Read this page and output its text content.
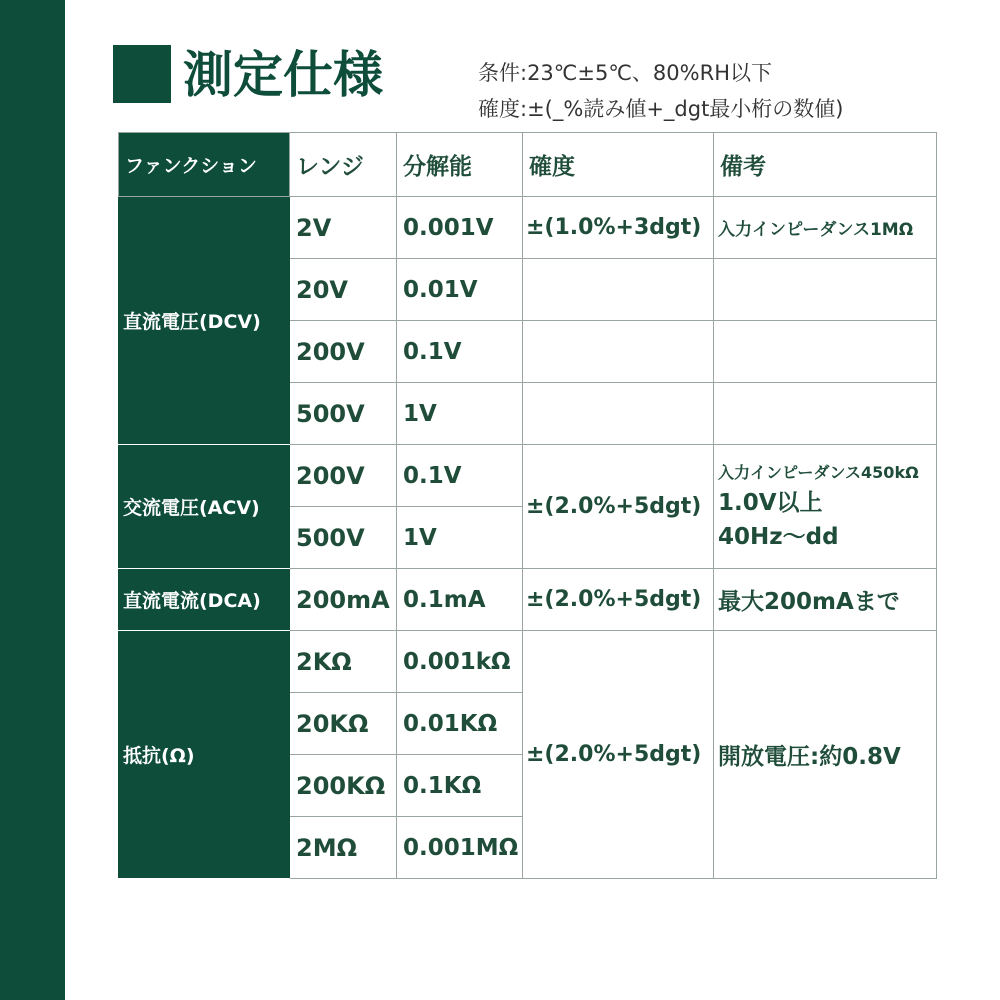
測定仕様	条件:23℃±5℃、80%RH以下
確度:±(_%読み値+_dgt最小桁の数値)
ファンクション	レンジ	分解能	確度	備考
直流電圧(DCV)	2V	0.001V	±(1.0%+3dgt)	入力インピーダンス1MΩ
	20V	0.01V		
	200V	0.1V		
	500V	1V		
交流電圧(ACV)	200V	0.1V	±(2.0%+5dgt)	入力インピーダンス450kΩ
1.0V以上
40Hz～dd

	500V	1V		
直流電流(DCA)	200mA	0.1mA	±(2.0%+5dgt)	最大200mAまで
抵抗(Ω)	2KΩ	0.001kΩ	±(2.0%+5dgt)	開放電圧:約0.8V
	20KΩ	0.01KΩ		
	200KΩ	0.1KΩ		
	2MΩ	0.001MΩ		
